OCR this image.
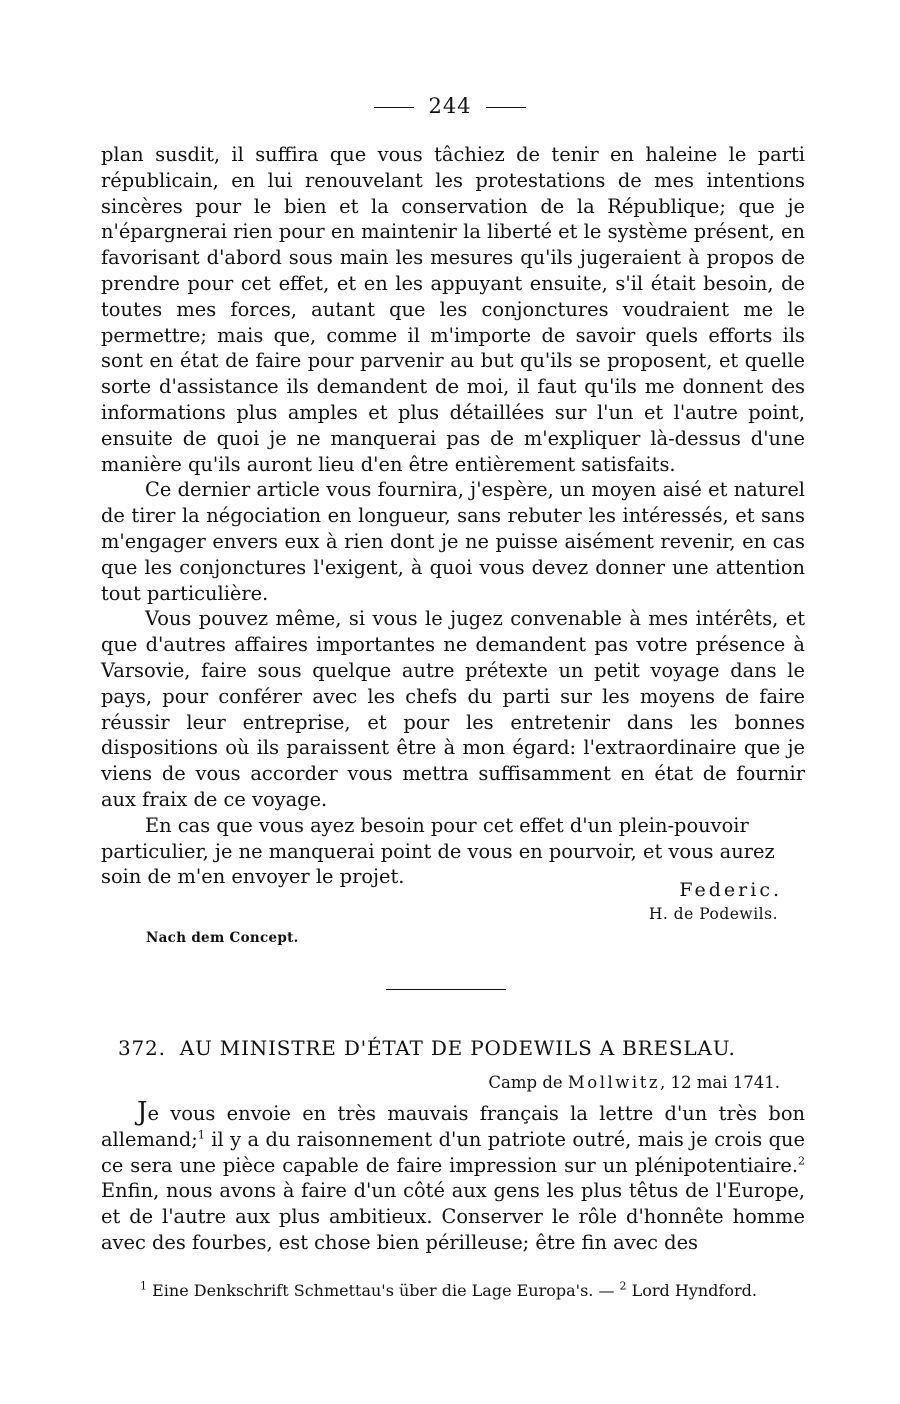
244

plan susdit, il suffira que vous tâchiez de tenir en haleine le parti républicain, en lui renouvelant les protestations de mes intentions sincères pour le bien et la conservation de la République; que je n'épargnerai rien pour en maintenir la liberté et le système présent, en favorisant d'abord sous main les mesures qu'ils jugeraient à propos de prendre pour cet effet, et en les appuyant ensuite, s'il était besoin, de toutes mes forces, autant que les conjonctures voudraient me le permettre; mais que, comme il m'importe de savoir quels efforts ils sont en état de faire pour parvenir au but qu'ils se proposent, et quelle sorte d'assistance ils demandent de moi, il faut qu'ils me donnent des informations plus amples et plus détaillées sur l'un et l'autre point, ensuite de quoi je ne manquerai pas de m'expliquer là-dessus d'une manière qu'ils auront lieu d'en être entièrement satisfaits.

Ce dernier article vous fournira, j'espère, un moyen aisé et naturel de tirer la négociation en longueur, sans rebuter les intéressés, et sans m'engager envers eux à rien dont je ne puisse aisément revenir, en cas que les conjonctures l'exigent, à quoi vous devez donner une attention tout particulière.

Vous pouvez même, si vous le jugez convenable à mes intérêts, et que d'autres affaires importantes ne demandent pas votre présence à Varsovie, faire sous quelque autre prétexte un petit voyage dans le pays, pour conférer avec les chefs du parti sur les moyens de faire réussir leur entreprise, et pour les entretenir dans les bonnes dispositions où ils paraissent être à mon égard: l'extraordinaire que je viens de vous accorder vous mettra suffisamment en état de fournir aux fraix de ce voyage.

En cas que vous ayez besoin pour cet effet d'un plein-pouvoir particulier, je ne manquerai point de vous en pourvoir, et vous aurez soin de m'en envoyer le projet.

Federic.
H. de Podewils.
Nach dem Concept.
372. AU MINISTRE D'ÉTAT DE PODEWILS A BRESLAU.
Camp de Mollwitz, 12 mai 1741.

Je vous envoie en très mauvais français la lettre d'un très bon allemand;$^1$ il y a du raisonnement d'un patriote outré, mais je crois que ce sera une pièce capable de faire impression sur un plénipotentiaire.$^2$ Enfin, nous avons à faire d'un côté aux gens les plus têtus de l'Europe, et de l'autre aux plus ambitieux. Conserver le rôle d'honnête homme avec des fourbes, est chose bien périlleuse; être fin avec des

$^1$ Eine Denkschrift Schmettau's über die Lage Europa's. — $^2$ Lord Hyndford.
